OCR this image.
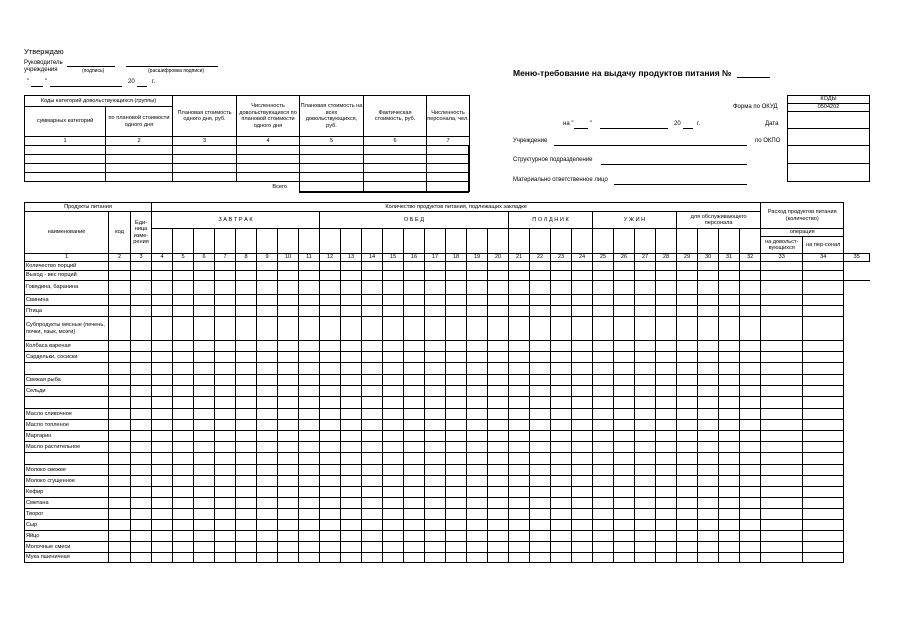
Утверждаю
Руководитель
учреждения	(подпись)	(расшифровка подписи)
"	"	20	г.
Меню-требование на выдачу продуктов питания №
Форма по ОКУД
на "	"	20	г.	Дата
по ОКПО
Учреждение
Структурное подразделение
Материально ответственное лицо
КОДЫ
0504202

Коды категорий довольствующихся (группы)		Плановая стоимость одного дня, руб.	Численность довольствующихся по плановой стоимости одного дня	Плановая стоимость на всех довольствующихся, руб.	Фактическая стоимость, руб.	Численность персонала, чел.
суммарных категорий	по плановой стоимости одного дня					
1	2	3	4	5	6	7

Всего						
Продукты питания			Количество продуктов питания, подлежащих закладке																													Расход продуктов питания (количество)		
наименование	код	Еди-ница изме-рения	З А В Т Р А К								О Б Е Д									П О Л Д Н И К				У Ж И Н				для обслуживающего персонала						
																																операция		
																																на довольст-вующихся	на пер-сонал	
1	2	3	4	5	6	7	8	9	10	11	12	13	14	15	16	17	18	19	20	21	22	23	24	25	26	27	28	29	30	31	32	33	34	35
Количество порций																																		
Выход - вес порций																																		
Говядина, баранина																																		
Свинина																																		
Птица																																		
Субпродукты мясные (печень, почки, язык, мозги)																																		
Колбаса вареная																																		
Сардельки, сосиски																																		

Свежая рыба																																		
Сельди																																		

Масло сливочное																																		
Масло топленое																																		
Маргарин																																		
Масло растительное																																		

Молоко свежее																																		
Молоко сгущенное																																		
Кефир																																		
Сметана																																		
Творог																																		
Сыр																																		
Яйцо																																		
Молочные смеси																																		
Мука пшеничная																																		
